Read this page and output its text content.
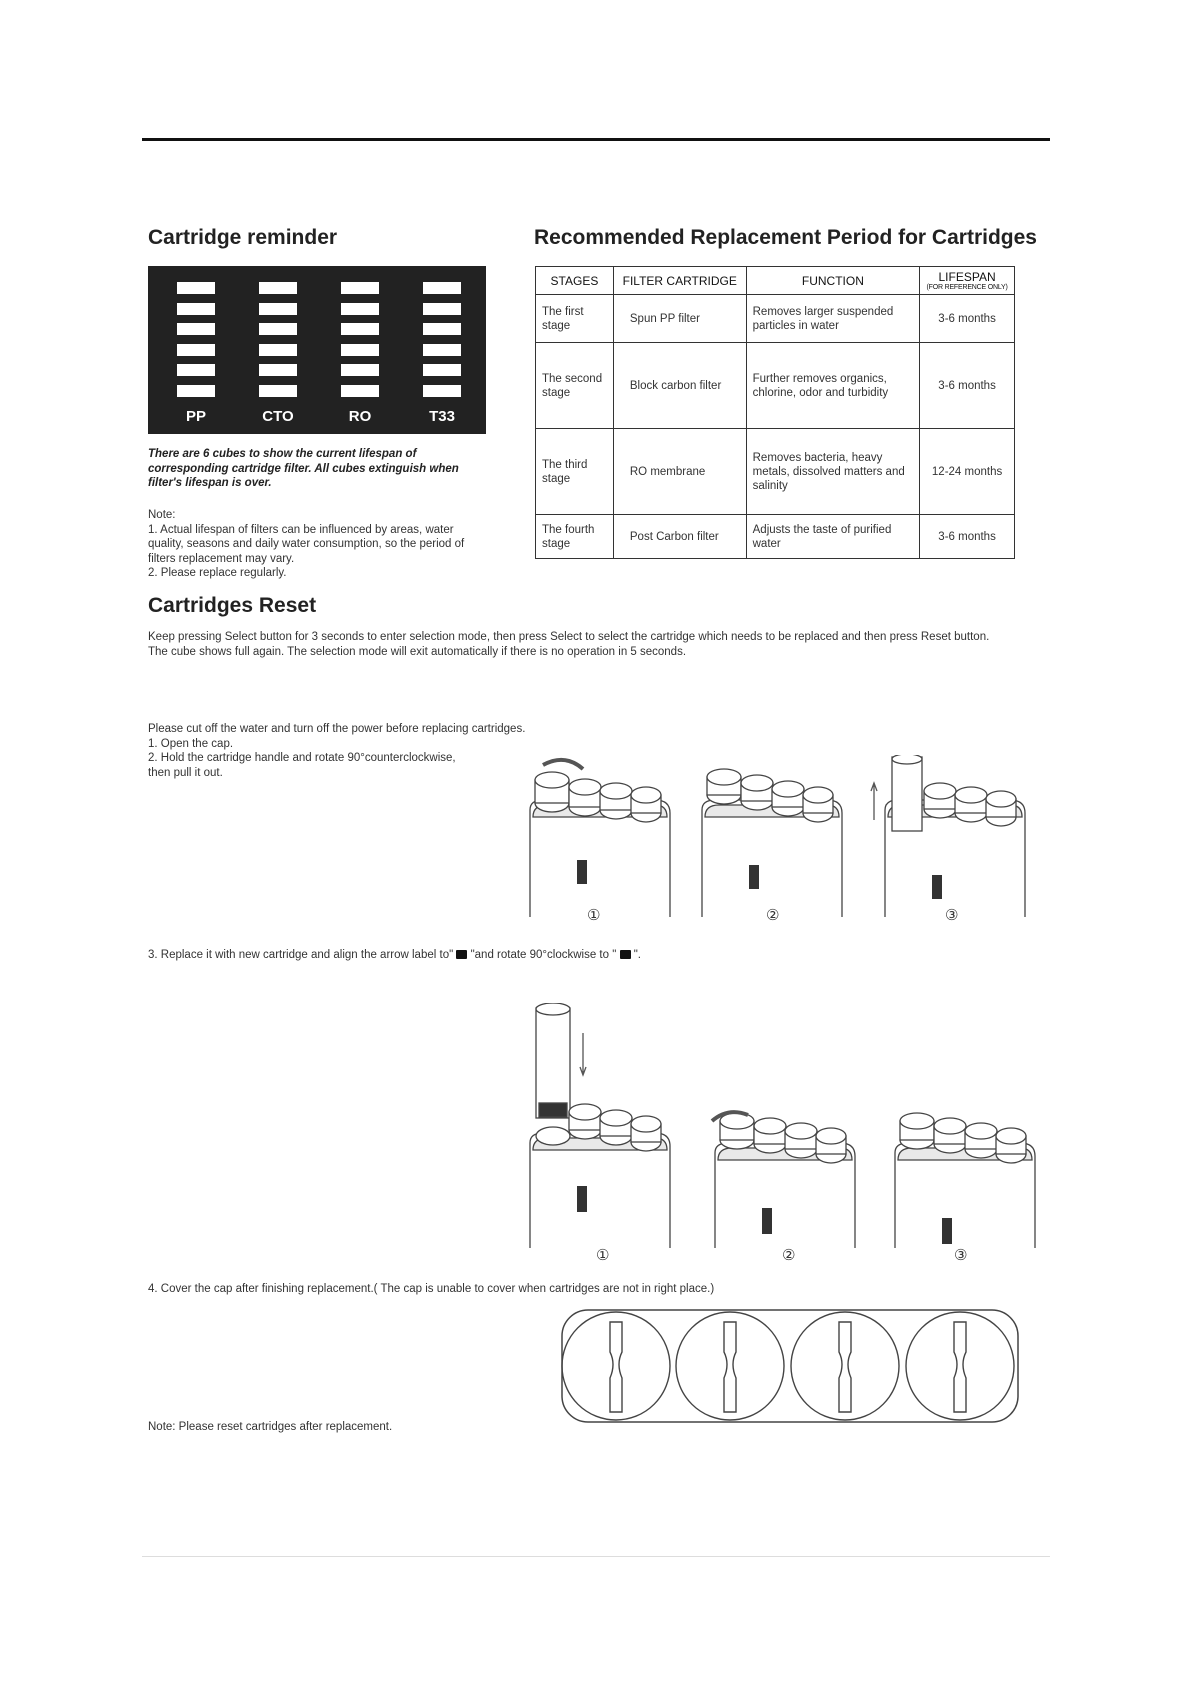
Cartridge reminder
PP	CTO	RO	T33
There are 6 cubes to show the current lifespan of corresponding cartridge filter. All cubes extinguish when filter's lifespan is over.
Note:
1. Actual lifespan of filters can be influenced by areas, water quality, seasons and daily water consumption, so the period of filters replacement may vary.
2. Please replace regularly.
Recommended Replacement Period for Cartridges
STAGES	FILTER CARTRIDGE	FUNCTION	LIFESPAN
(FOR REFERENCE ONLY)

The first stage	Spun PP filter	Removes larger suspended particles in water	3-6 months
The second stage	Block carbon filter	Further removes organics, chlorine, odor and turbidity	3-6 months
The third stage	RO membrane	Removes bacteria, heavy metals, dissolved matters and salinity	12-24 months
The fourth stage	Post Carbon filter	Adjusts the taste of purified water	3-6 months
Cartridges Reset
Keep pressing Select button for 3 seconds to enter selection mode, then press Select to select the cartridge which needs to be replaced and then press Reset button.
The cube shows full again. The selection mode will exit automatically if there is no operation in 5 seconds.
Please cut off the water and turn off the power before replacing cartridges.
1. Open the cap.
2. Hold the cartridge handle and rotate 90°counterclockwise,
then pull it out.
①	②	③
3. Replace it with new cartridge and align the arrow label to" "and rotate 90°clockwise to " ".
①	②	③
4. Cover the cap after finishing replacement.( The cap is unable to cover when cartridges are not in right place.)
Note: Please reset cartridges after replacement.
